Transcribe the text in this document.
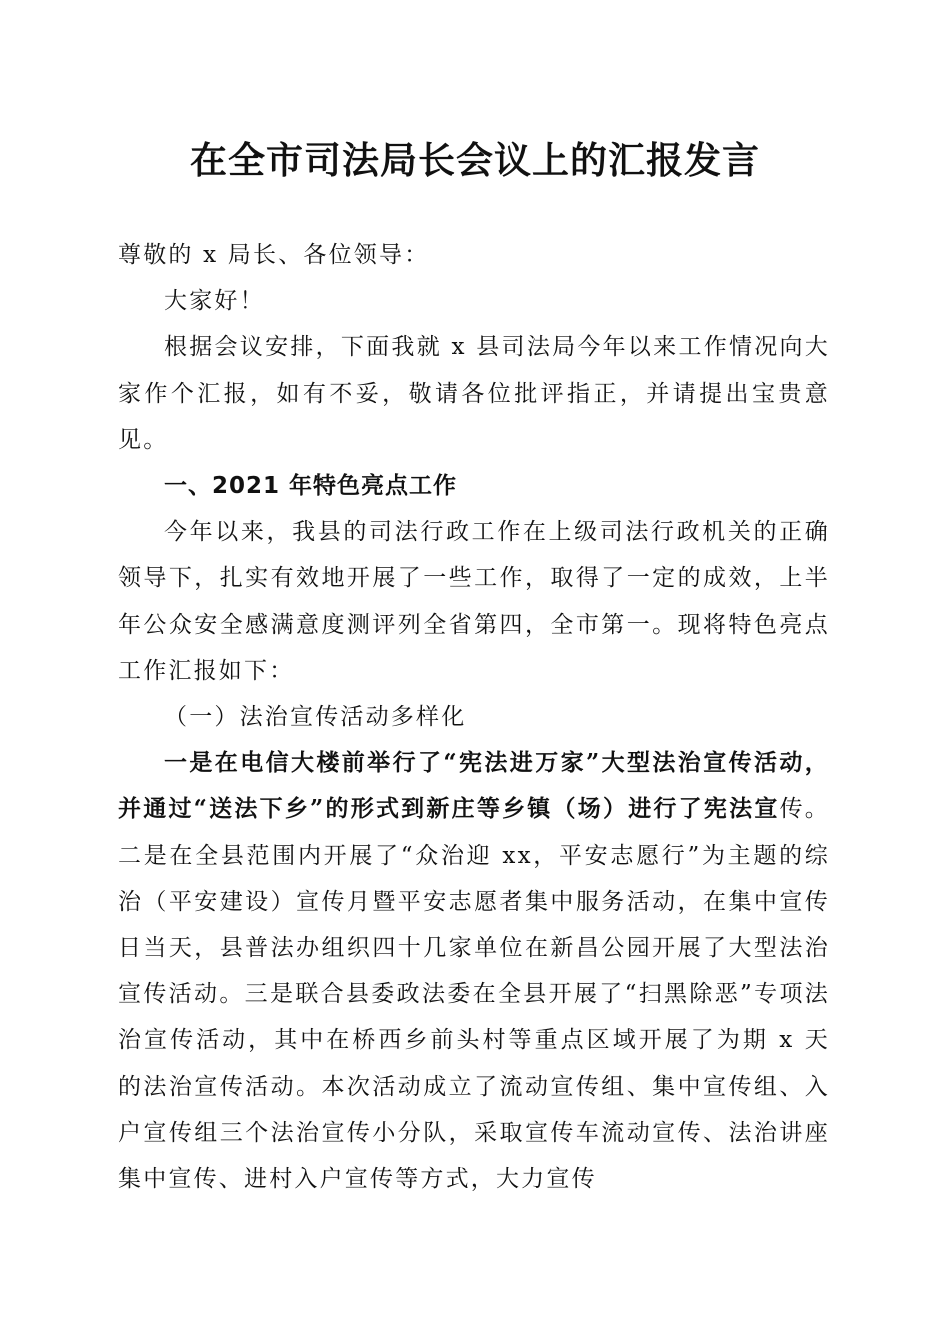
在全市司法局长会议上的汇报发言

尊敬的 x 局长、各位领导：

大家好！

根据会议安排，下面我就 x 县司法局今年以来工作情况向大家作个汇报，如有不妥，敬请各位批评指正，并请提出宝贵意见。

一、2021 年特色亮点工作

今年以来，我县的司法行政工作在上级司法行政机关的正确领导下，扎实有效地开展了一些工作，取得了一定的成效，上半年公众安全感满意度测评列全省第四，全市第一。现将特色亮点工作汇报如下：

（一）法治宣传活动多样化

一是在电信大楼前举行了“宪法进万家”大型法治宣传活动，并通过“送法下乡”的形式到新庄等乡镇（场）进行了宪法宣传。二是在全县范围内开展了“众治迎 xx，平安志愿行”为主题的综治（平安建设）宣传月暨平安志愿者集中服务活动，在集中宣传日当天，县普法办组织四十几家单位在新昌公园开展了大型法治宣传活动。三是联合县委政法委在全县开展了“扫黑除恶”专项法治宣传活动，其中在桥西乡前头村等重点区域开展了为期 x 天的法治宣传活动。本次活动成立了流动宣传组、集中宣传组、入户宣传组三个法治宣传小分队，采取宣传车流动宣传、法治讲座集中宣传、进村入户宣传等方式，大力宣传
